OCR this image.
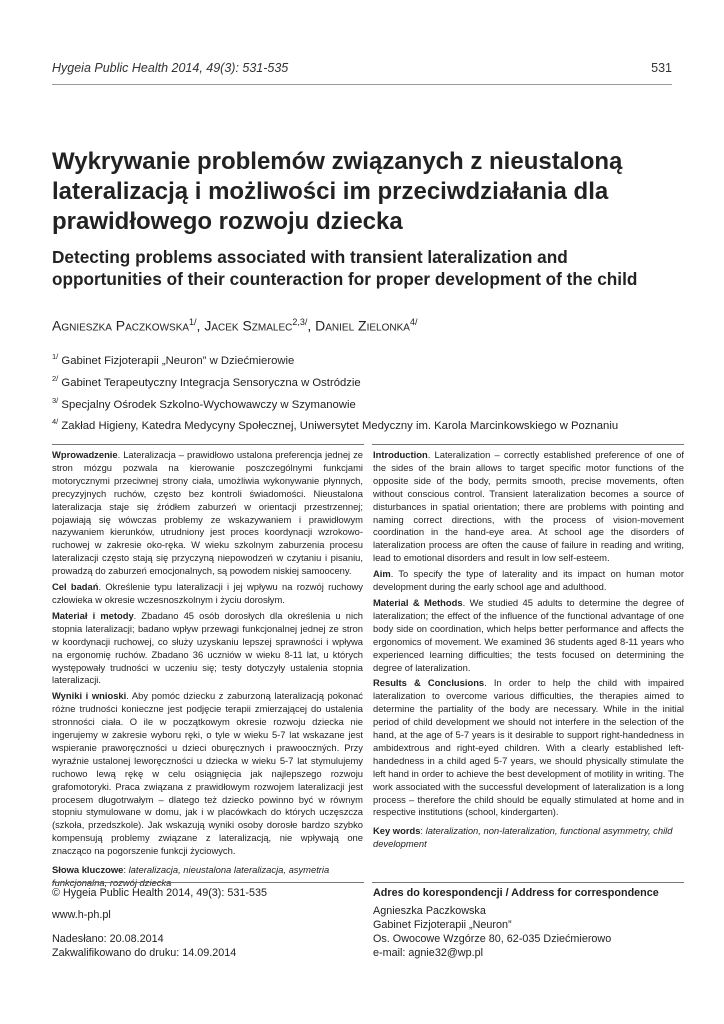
Hygeia Public Health 2014, 49(3): 531-535	531
Wykrywanie problemów związanych z nieustaloną lateralizacją i możliwości im przeciwdziałania dla prawidłowego rozwoju dziecka
Detecting problems associated with transient lateralization and opportunities of their counteraction for proper development of the child
Agnieszka Paczkowska$^{1/}$, Jacek Szmalec$^{2,3/}$, Daniel Zielonka$^{4/}$
$^{1/}$ Gabinet Fizjoterapii „Neuron” w Dziećmierowie
$^{2/}$ Gabinet Terapeutyczny Integracja Sensoryczna w Ostródzie
$^{3/}$ Specjalny Ośrodek Szkolno-Wychowawczy w Szymanowie
$^{4/}$ Zakład Higieny, Katedra Medycyny Społecznej, Uniwersytet Medyczny im. Karola Marcinkowskiego w Poznaniu

Wprowadzenie. Lateralizacja – prawidłowo ustalona preferencja jednej ze stron mózgu pozwala na kierowanie poszczególnymi funkcjami motorycznymi przeciwnej strony ciała, umożliwia wykonywanie płynnych, precyzyjnych ruchów, często bez kontroli świadomości. Nieustalona lateralizacja staje się źródłem zaburzeń w orientacji przestrzennej; pojawiają się wówczas problemy ze wskazywaniem i prawidłowym nazywaniem kierunków, utrudniony jest proces koordynacji wzrokowo-ruchowej w zakresie oko-ręka. W wieku szkolnym zaburzenia procesu lateralizacji często stają się przyczyną niepowodzeń w czytaniu i pisaniu, prowadzą do zaburzeń emocjonalnych, są powodem niskiej samooceny.

Cel badań. Określenie typu lateralizacji i jej wpływu na rozwój ruchowy człowieka w okresie wczesnoszkolnym i życiu dorosłym.

Materiał i metody. Zbadano 45 osób dorosłych dla określenia u nich stopnia lateralizacji; badano wpływ przewagi funkcjonalnej jednej ze stron w koordynacji ruchowej, co służy uzyskaniu lepszej sprawności i wpływa na ergonomię ruchów. Zbadano 36 uczniów w wieku 8-11 lat, u których występowały trudności w uczeniu się; testy dotyczyły ustalenia stopnia lateralizacji.

Wyniki i wnioski. Aby pomóc dziecku z zaburzoną lateralizacją pokonać różne trudności konieczne jest podjęcie terapii zmierzającej do ustalenia stronności ciała. O ile w początkowym okresie rozwoju dziecka nie ingerujemy w zakresie wyboru ręki, o tyle w wieku 5-7 lat wskazane jest wspieranie praworęczności u dzieci oburęcznych i prawooczných. Przy wyraźnie ustalonej leworęczności u dziecka w wieku 5-7 lat stymulujemy ruchowo lewą rękę w celu osiągnięcia jak najlepszego rozwoju grafomotoryki. Praca związana z prawidłowym rozwojem lateralizacji jest procesem długotrwałym – dlatego też dziecko powinno być w równym stopniu stymulowane w domu, jak i w placówkach do których uczęszcza (szkoła, przedszkole). Jak wskazują wyniki osoby dorosłe bardzo szybko kompensują problemy związane z lateralizacją, nie wpływają one znacząco na pogorszenie funkcji życiowych.

Słowa kluczowe: lateralizacja, nieustalona lateralizacja, asymetria funkcjonalna, rozwój dziecka

Introduction. Lateralization – correctly established preference of one of the sides of the brain allows to target specific motor functions of the opposite side of the body, permits smooth, precise movements, often without conscious control. Transient lateralization becomes a source of disturbances in spatial orientation; there are problems with pointing and naming correct directions, with the process of vision-movement coordination in the hand-eye area. At school age the disorders of lateralization process are often the cause of failure in reading and writing, lead to emotional disorders and result in low self-esteem.

Aim. To specify the type of laterality and its impact on human motor development during the early school age and adulthood.

Material & Methods. We studied 45 adults to determine the degree of lateralization; the effect of the influence of the functional advantage of one body side on coordination, which helps better performance and affects the ergonomics of movement. We examined 36 students aged 8-11 years who experienced learning difficulties; the tests focused on determining the degree of lateralization.

Results & Conclusions. In order to help the child with impaired lateralization to overcome various difficulties, the therapies aimed to determine the partiality of the body are necessary. While in the initial period of child development we should not interfere in the selection of the hand, at the age of 5-7 years is it desirable to support right-handedness in ambidextrous and right-eyed children. With a clearly established left-handedness in a child aged 5-7 years, we should physically stimulate the left hand in order to achieve the best development of motility in writing. The work associated with the successful development of lateralization is a long process – therefore the child should be equally stimulated at home and in respective institutions (school, kindergarten).

Key words: lateralization, non-lateralization, functional asymmetry, child development

© Hygeia Public Health 2014, 49(3): 531-535
www.h-ph.pl
Nadesłano: 20.08.2014
Zakwalifikowano do druku: 14.09.2014
Adres do korespondencji / Address for correspondence
Agnieszka Paczkowska
Gabinet Fizjoterapii „Neuron”
Os. Owocowe Wzgórze 80, 62-035 Dziećmierowo
e-mail: agnie32@wp.pl
